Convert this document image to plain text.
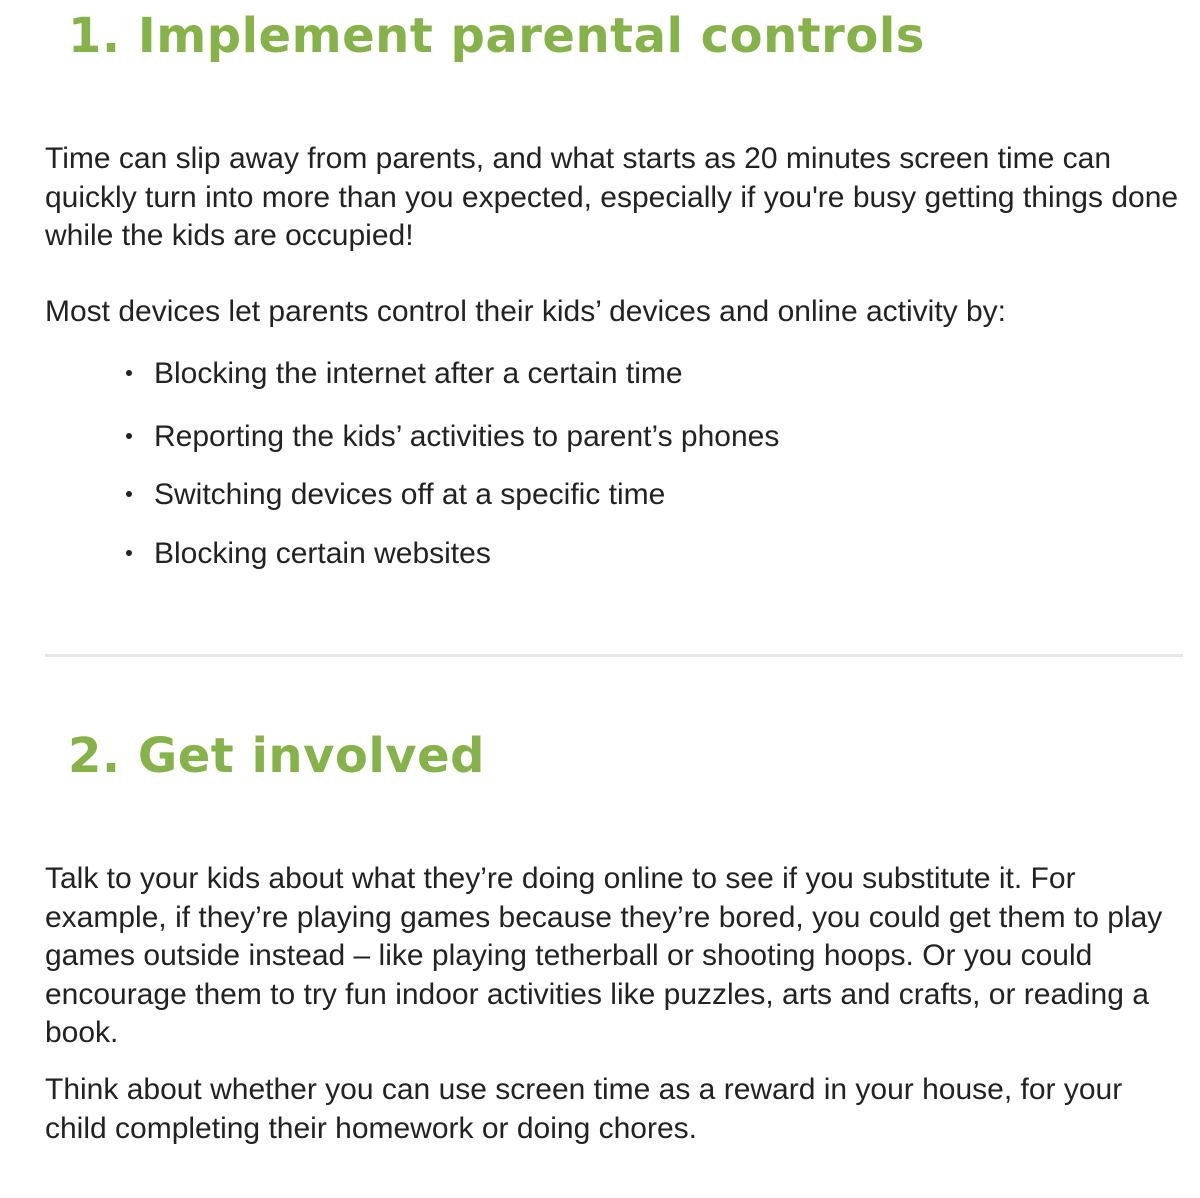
1. Implement parental controls

Time can slip away from parents, and what starts as 20 minutes screen time can quickly turn into more than you expected, especially if you're busy getting things done while the kids are occupied!

Most devices let parents control their kids’ devices and online activity by:

Blocking the internet after a certain time
Reporting the kids’ activities to parent’s phones
Switching devices off at a specific time
Blocking certain websites
2. Get involved

Talk to your kids about what they’re doing online to see if you substitute it. For example, if they’re playing games because they’re bored, you could get them to play games outside instead – like playing tetherball or shooting hoops. Or you could encourage them to try fun indoor activities like puzzles, arts and crafts, or reading a book.

Think about whether you can use screen time as a reward in your house, for your child completing their homework or doing chores.
